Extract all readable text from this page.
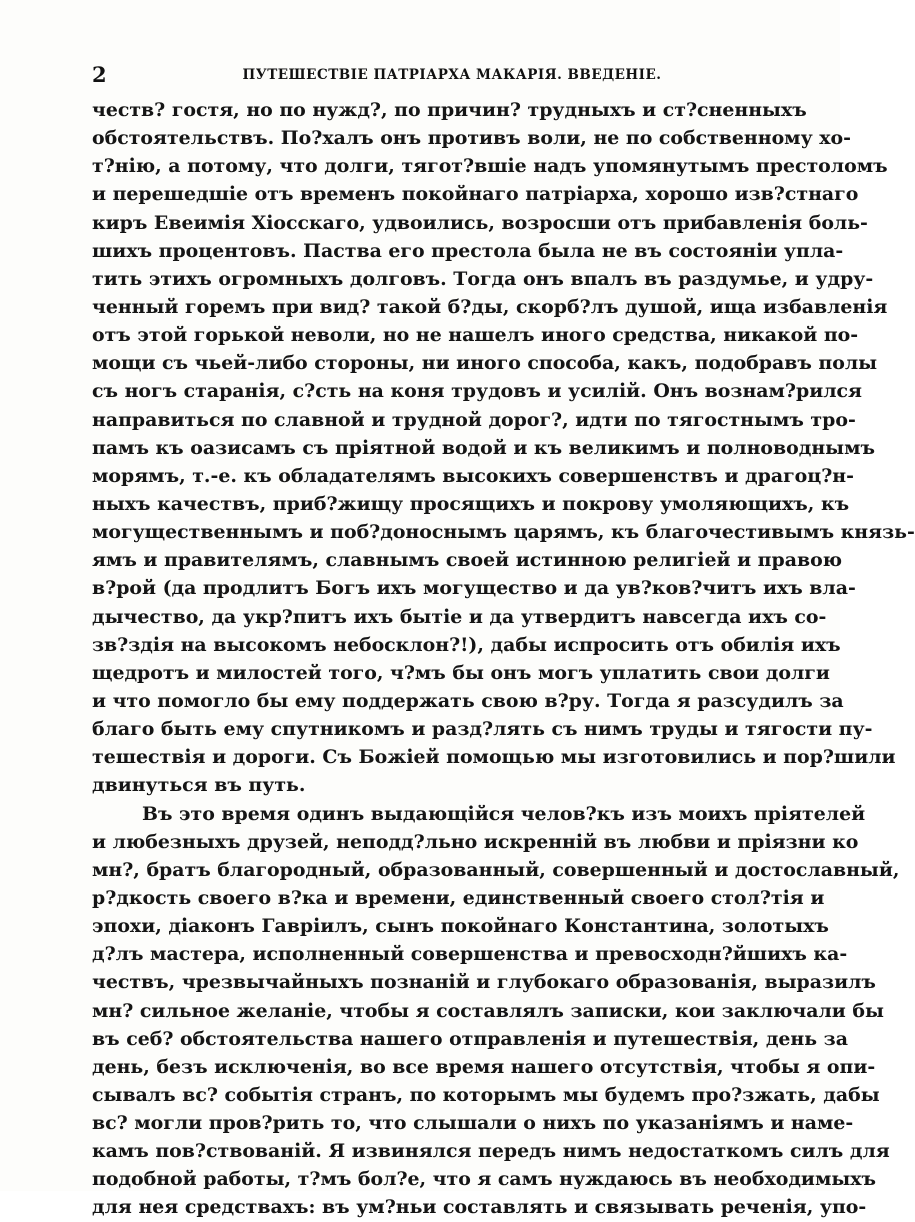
2	ПУТЕШЕСТВІЕ ПАТРІАРХА МАКАРІЯ. ВВЕДЕНІЕ.
честв? гостя, но по нужд?, по причин? трудныхъ и ст?сненныхъ
обстоятельствъ. По?халъ онъ противъ воли, не по собственному хо-
т?нію, а потому, что долги, тягот?вшіе надъ упомянутымъ престоломъ
и перешедшіе отъ временъ покойнаго патріарха, хорошо изв?стнаго
киръ Евеимія Хіосскаго, удвоились, возросши отъ прибавленія боль-
шихъ процентовъ. Паства его престола была не въ состояніи упла-
тить этихъ огромныхъ долговъ. Тогда онъ впалъ въ раздумье, и удру-
ченный горемъ при вид? такой б?ды, скорб?лъ душой, ища избавленія
отъ этой горькой неволи, но не нашелъ иного средства, никакой по-
мощи съ чьей-либо стороны, ни иного способа, какъ, подобравъ полы
съ ногъ старанія, с?сть на коня трудовъ и усилій. Онъ вознам?рился
направиться по славной и трудной дорог?, идти по тягостнымъ тро-
памъ къ оазисамъ съ пріятной водой и къ великимъ и полноводнымъ
морямъ, т.-е. къ обладателямъ высокихъ совершенствъ и драгоц?н-
ныхъ качествъ, приб?жищу просящихъ и покрову умоляющихъ, къ
могущественнымъ и поб?доноснымъ царямъ, къ благочестивымъ князь-
ямъ и правителямъ, славнымъ своей истинною религіей и правою
в?рой (да продлитъ Богъ ихъ могущество и да ув?ков?читъ ихъ вла-
дычество, да укр?питъ ихъ бытіе и да утвердитъ навсегда ихъ со-
зв?здія на высокомъ небосклон?!), дабы испросить отъ обилія ихъ
щедротъ и милостей того, ч?мъ бы онъ могъ уплатить свои долги
и что помогло бы ему поддержать свою в?ру. Тогда я разсудилъ за
благо быть ему спутникомъ и разд?лять съ нимъ труды и тягости пу-
тешествія и дороги. Съ Божіей помощью мы изготовились и пор?шили
двинуться въ путь.
Въ это время одинъ выдающійся челов?къ изъ моихъ пріятелей
и любезныхъ друзей, неподд?льно искренній въ любви и пріязни ко
мн?, братъ благородный, образованный, совершенный и достославный,
р?дкость своего в?ка и времени, единственный своего стол?тія и
эпохи, діаконъ Гавріилъ, сынъ покойнаго Константина, золотыхъ
д?лъ мастера, исполненный совершенства и превосходн?йшихъ ка-
чествъ, чрезвычайныхъ познаній и глубокаго образованія, выразилъ
мн? сильное желаніе, чтобы я составлялъ записки, кои заключали бы
въ себ? обстоятельства нашего отправленія и путешествія, день за
день, безъ исключенія, во все время нашего отсутствія, чтобы я опи-
сывалъ вс? событія странъ, по которымъ мы будемъ про?зжать, дабы
вс? могли пров?рить то, что слышали о нихъ по указаніямъ и наме-
камъ пов?ствованій. Я извинялся передъ нимъ недостаткомъ силъ для
подобной работы, т?мъ бол?е, что я самъ нуждаюсь въ необходимыхъ
для нея средствахъ: въ ум?ньи составлять и связывать реченія, упо-
